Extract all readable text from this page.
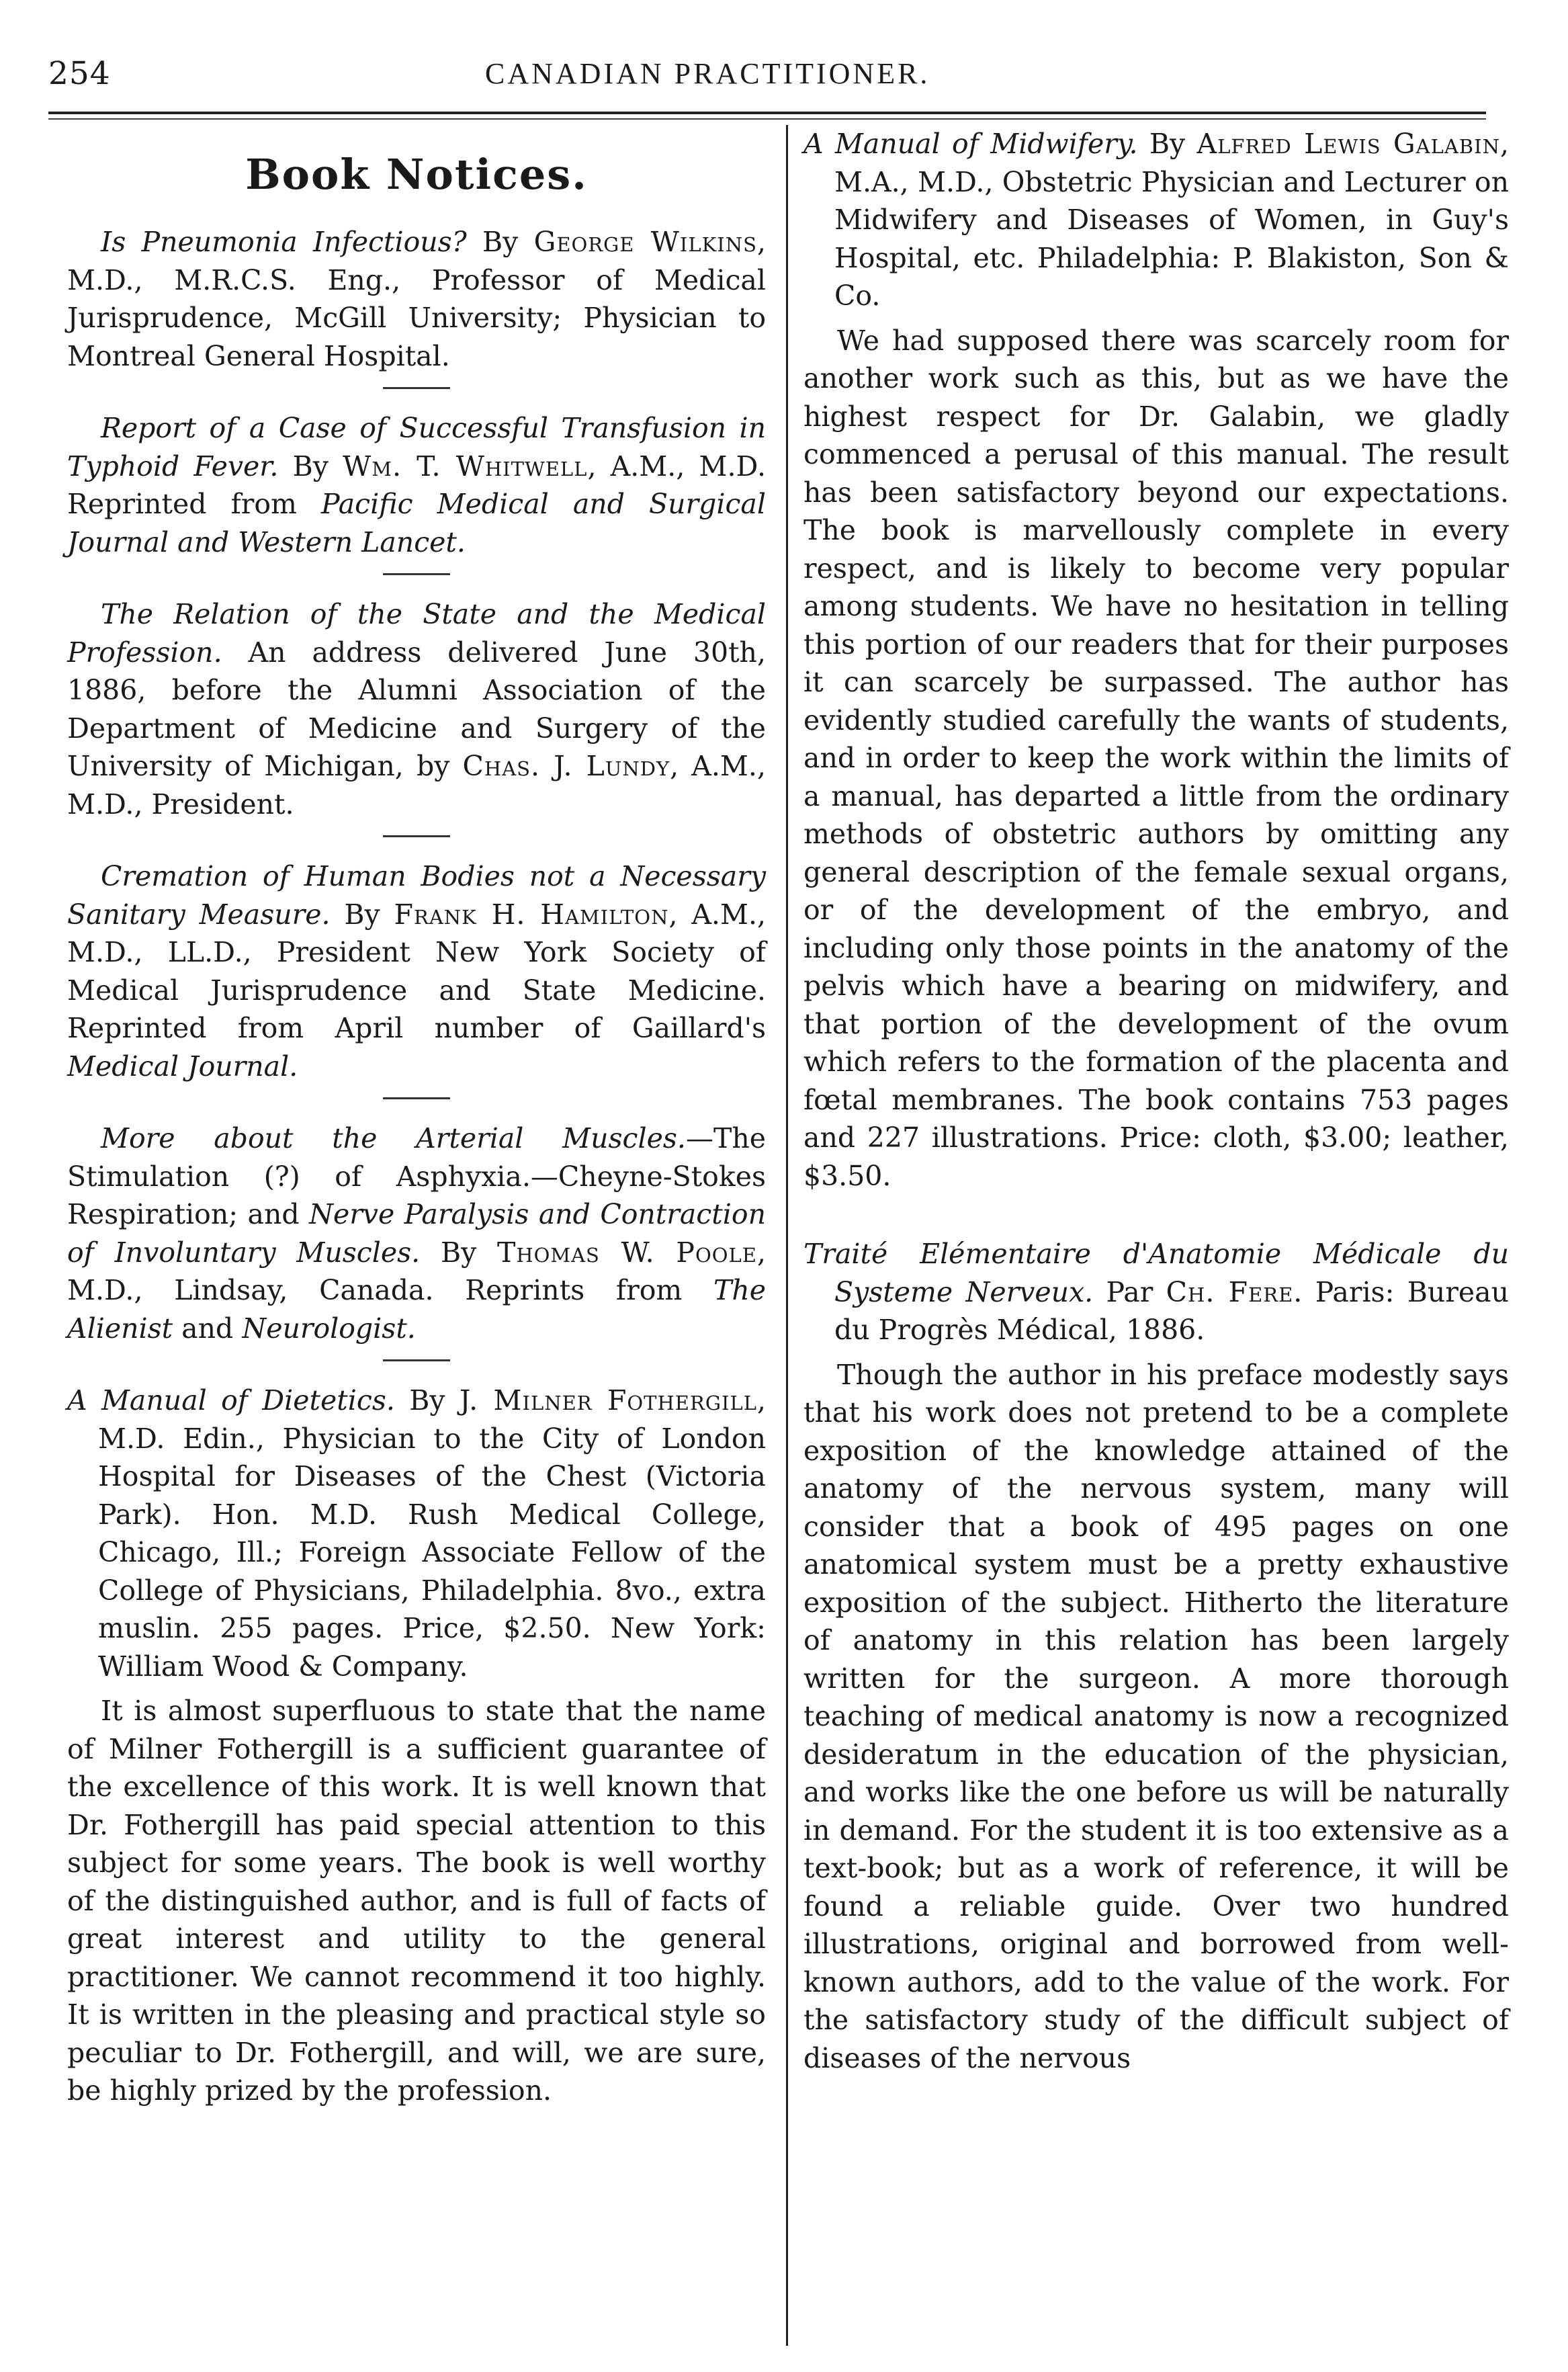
254	CANADIAN PRACTITIONER.
Book Notices.

Is Pneumonia Infectious? By George Wilkins, M.D., M.R.C.S. Eng., Professor of Medical Jurisprudence, McGill University; Physician to Montreal General Hospital.

Report of a Case of Successful Transfusion in Typhoid Fever. By Wm. T. Whitwell, A.M., M.D. Reprinted from Pacific Medical and Surgical Journal and Western Lancet.

The Relation of the State and the Medical Profession. An address delivered June 30th, 1886, before the Alumni Association of the Department of Medicine and Surgery of the University of Michigan, by Chas. J. Lundy, A.M., M.D., President.

Cremation of Human Bodies not a Necessary Sanitary Measure. By Frank H. Hamilton, A.M., M.D., LL.D., President New York Society of Medical Jurisprudence and State Medicine. Reprinted from April number of Gaillard's Medical Journal.

More about the Arterial Muscles.—The Stimulation (?) of Asphyxia.—Cheyne-Stokes Respiration; and Nerve Paralysis and Contraction of Involuntary Muscles. By Thomas W. Poole, M.D., Lindsay, Canada. Reprints from The Alienist and Neurologist.

A Manual of Dietetics. By J. Milner Fothergill, M.D. Edin., Physician to the City of London Hospital for Diseases of the Chest (Victoria Park). Hon. M.D. Rush Medical College, Chicago, Ill.; Foreign Associate Fellow of the College of Physicians, Philadelphia. 8vo., extra muslin. 255 pages. Price, $2.50. New York: William Wood & Company.

It is almost superfluous to state that the name of Milner Fothergill is a sufficient guarantee of the excellence of this work. It is well known that Dr. Fothergill has paid special attention to this subject for some years. The book is well worthy of the distinguished author, and is full of facts of great interest and utility to the general practitioner. We cannot recommend it too highly. It is written in the pleasing and practical style so peculiar to Dr. Fothergill, and will, we are sure, be highly prized by the profession.

A Manual of Midwifery. By Alfred Lewis Galabin, M.A., M.D., Obstetric Physician and Lecturer on Midwifery and Diseases of Women, in Guy's Hospital, etc. Philadelphia: P. Blakiston, Son & Co.

We had supposed there was scarcely room for another work such as this, but as we have the highest respect for Dr. Galabin, we gladly commenced a perusal of this manual. The result has been satisfactory beyond our expectations. The book is marvellously complete in every respect, and is likely to become very popular among students. We have no hesitation in telling this portion of our readers that for their purposes it can scarcely be surpassed. The author has evidently studied carefully the wants of students, and in order to keep the work within the limits of a manual, has departed a little from the ordinary methods of obstetric authors by omitting any general description of the female sexual organs, or of the development of the embryo, and including only those points in the anatomy of the pelvis which have a bearing on midwifery, and that portion of the development of the ovum which refers to the formation of the placenta and fœtal membranes. The book contains 753 pages and 227 illustrations. Price: cloth, $3.00; leather, $3.50.

Traité Elémentaire d'Anatomie Médicale du Systeme Nerveux. Par Ch. Fere. Paris: Bureau du Progrès Médical, 1886.

Though the author in his preface modestly says that his work does not pretend to be a complete exposition of the knowledge attained of the anatomy of the nervous system, many will consider that a book of 495 pages on one anatomical system must be a pretty exhaustive exposition of the subject. Hitherto the literature of anatomy in this relation has been largely written for the surgeon. A more thorough teaching of medical anatomy is now a recognized desideratum in the education of the physician, and works like the one before us will be naturally in demand. For the student it is too extensive as a text-book; but as a work of reference, it will be found a reliable guide. Over two hundred illustrations, original and borrowed from well-known authors, add to the value of the work. For the satisfactory study of the difficult subject of diseases of the nervous
